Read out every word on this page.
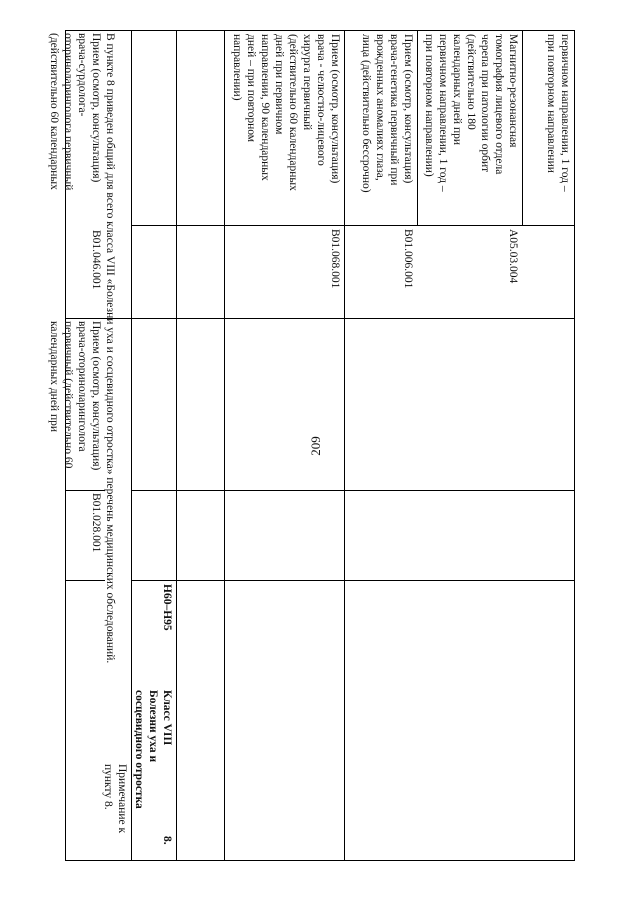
209
первичном направлении, 1 год –
при повторном направлении
Магнитно-резонансная
томография лицевого отдела
черепа при патологии орбит
(действительно 180
календарных дней при
первичном направлении, 1 год –
при повторном направлении)
A05.03.004
Прием (осмотр, консультация)
врача-генетика первичный при
врожденных аномалиях глаза,
лица (действительно бессрочно)
B01.006.001
Прием (осмотр, консультация)
врача - челюстно-лицевого
хирурга первичный
(действительно 60 календарных
дней при первичном
направлении, 90 календарных
дней – при повторном
направлении)
B01.068.001
H60–H95
Класс VIII
Болезни уха и
сосцевидного отростка
8.
Примечание к пункту 8.
В пункте 8 приведен общий для всего класса VIII «Болезни уха и сосцевидного отростка» перечень медицинских обследований.
Прием (осмотр, консультация)
врача-сурдолога-
оториноларинголога первичный
(действительно 60 календарных
B01.046.001
Прием (осмотр, консультация)
врача-оториноларинголога
первичный (действительно 60
календарных дней при
B01.028.001
